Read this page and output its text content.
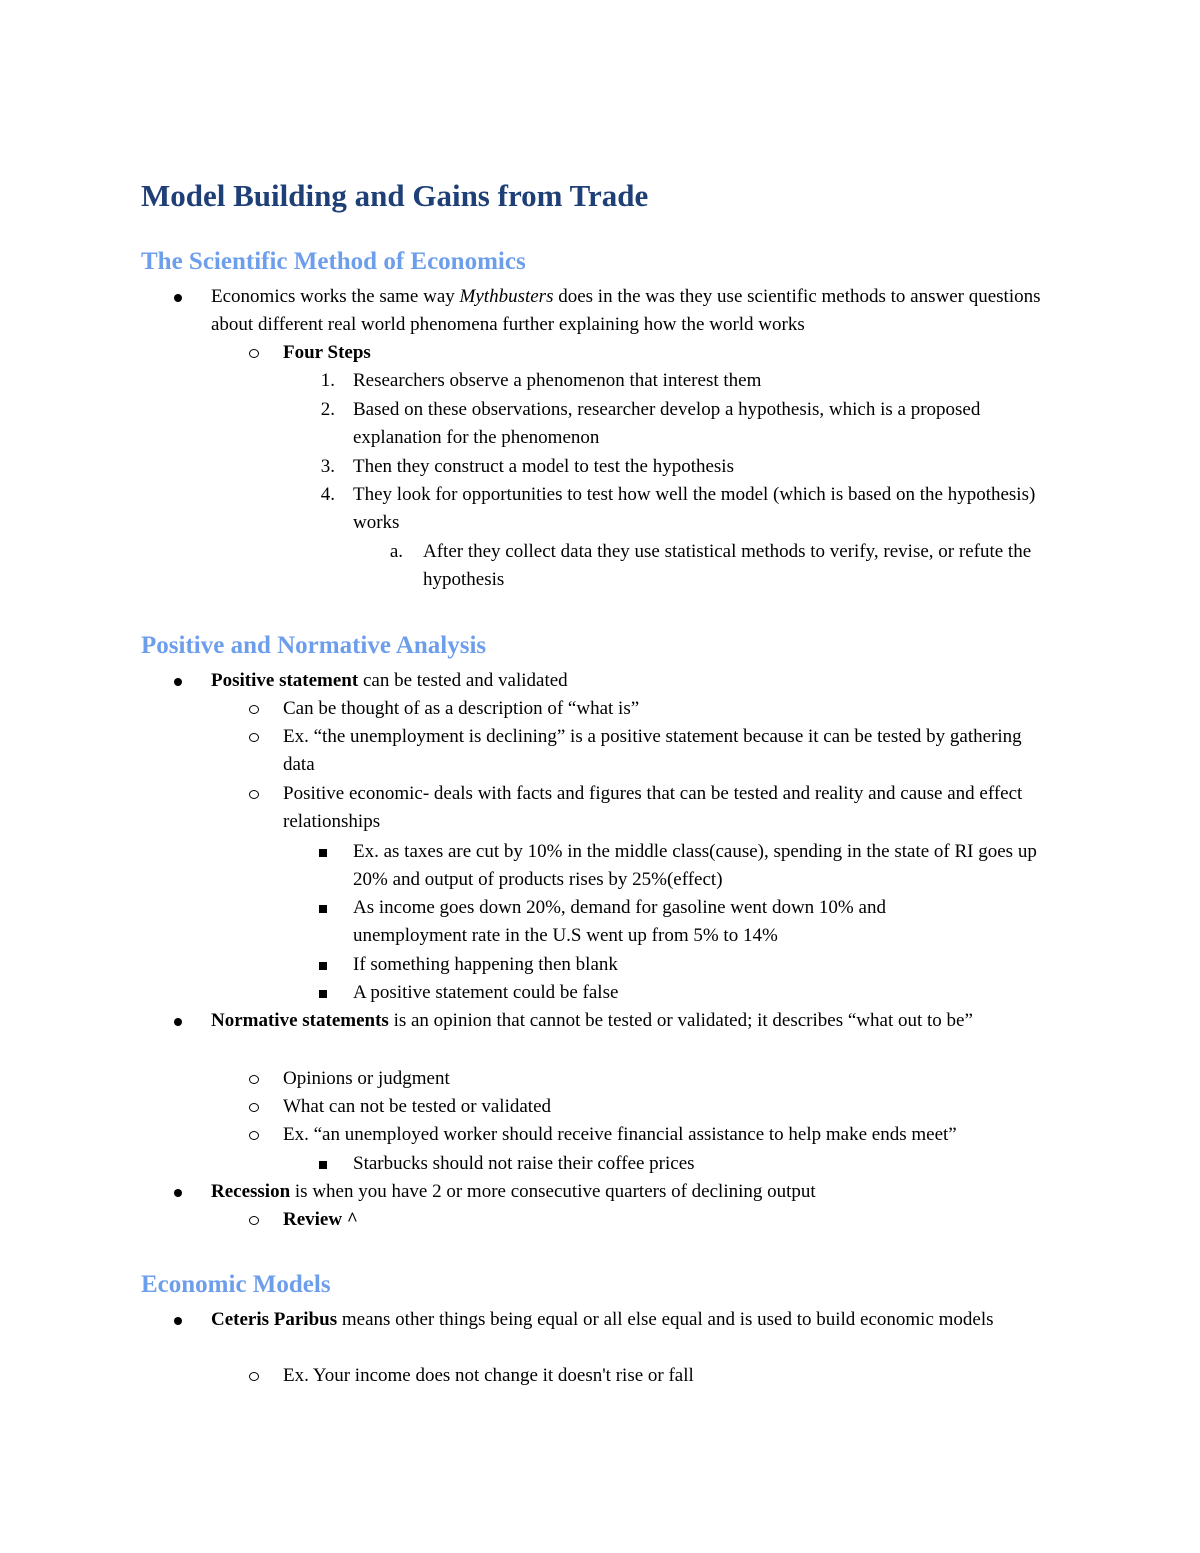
Model Building and Gains from Trade
The Scientific Method of Economics
Economics works the same way Mythbusters does in the was they use scientific methods to answer questions about different real world phenomena further explaining how the world works
Four Steps
1. Researchers observe a phenomenon that interest them
2. Based on these observations, researcher develop a hypothesis, which is a proposed explanation for the phenomenon
3. Then they construct a model to test the hypothesis
4. They look for opportunities to test how well the model (which is based on the hypothesis) works
a. After they collect data they use statistical methods to verify, revise, or refute the hypothesis
Positive and Normative Analysis
Positive statement can be tested and validated
Can be thought of as a description of “what is”
Ex. “the unemployment is declining” is a positive statement because it can be tested by gathering data
Positive economic- deals with facts and figures that can be tested and reality and cause and effect relationships
Ex. as taxes are cut by 10% in the middle class(cause), spending in the state of RI goes up 20% and output of products rises by 25%(effect)
As income goes down 20%, demand for gasoline went down 10% and unemployment rate in the U.S went up from 5% to 14%
If something happening then blank
A positive statement could be false
Normative statements is an opinion that cannot be tested or validated; it describes “what out to be”
Opinions or judgment
What can not be tested or validated
Ex. “an unemployed worker should receive financial assistance to help make ends meet”
Starbucks should not raise their coffee prices
Recession is when you have 2 or more consecutive quarters of declining output
Review ^
Economic Models
Ceteris Paribus means other things being equal or all else equal and is used to build economic models
Ex. Your income does not change it doesn't rise or fall
